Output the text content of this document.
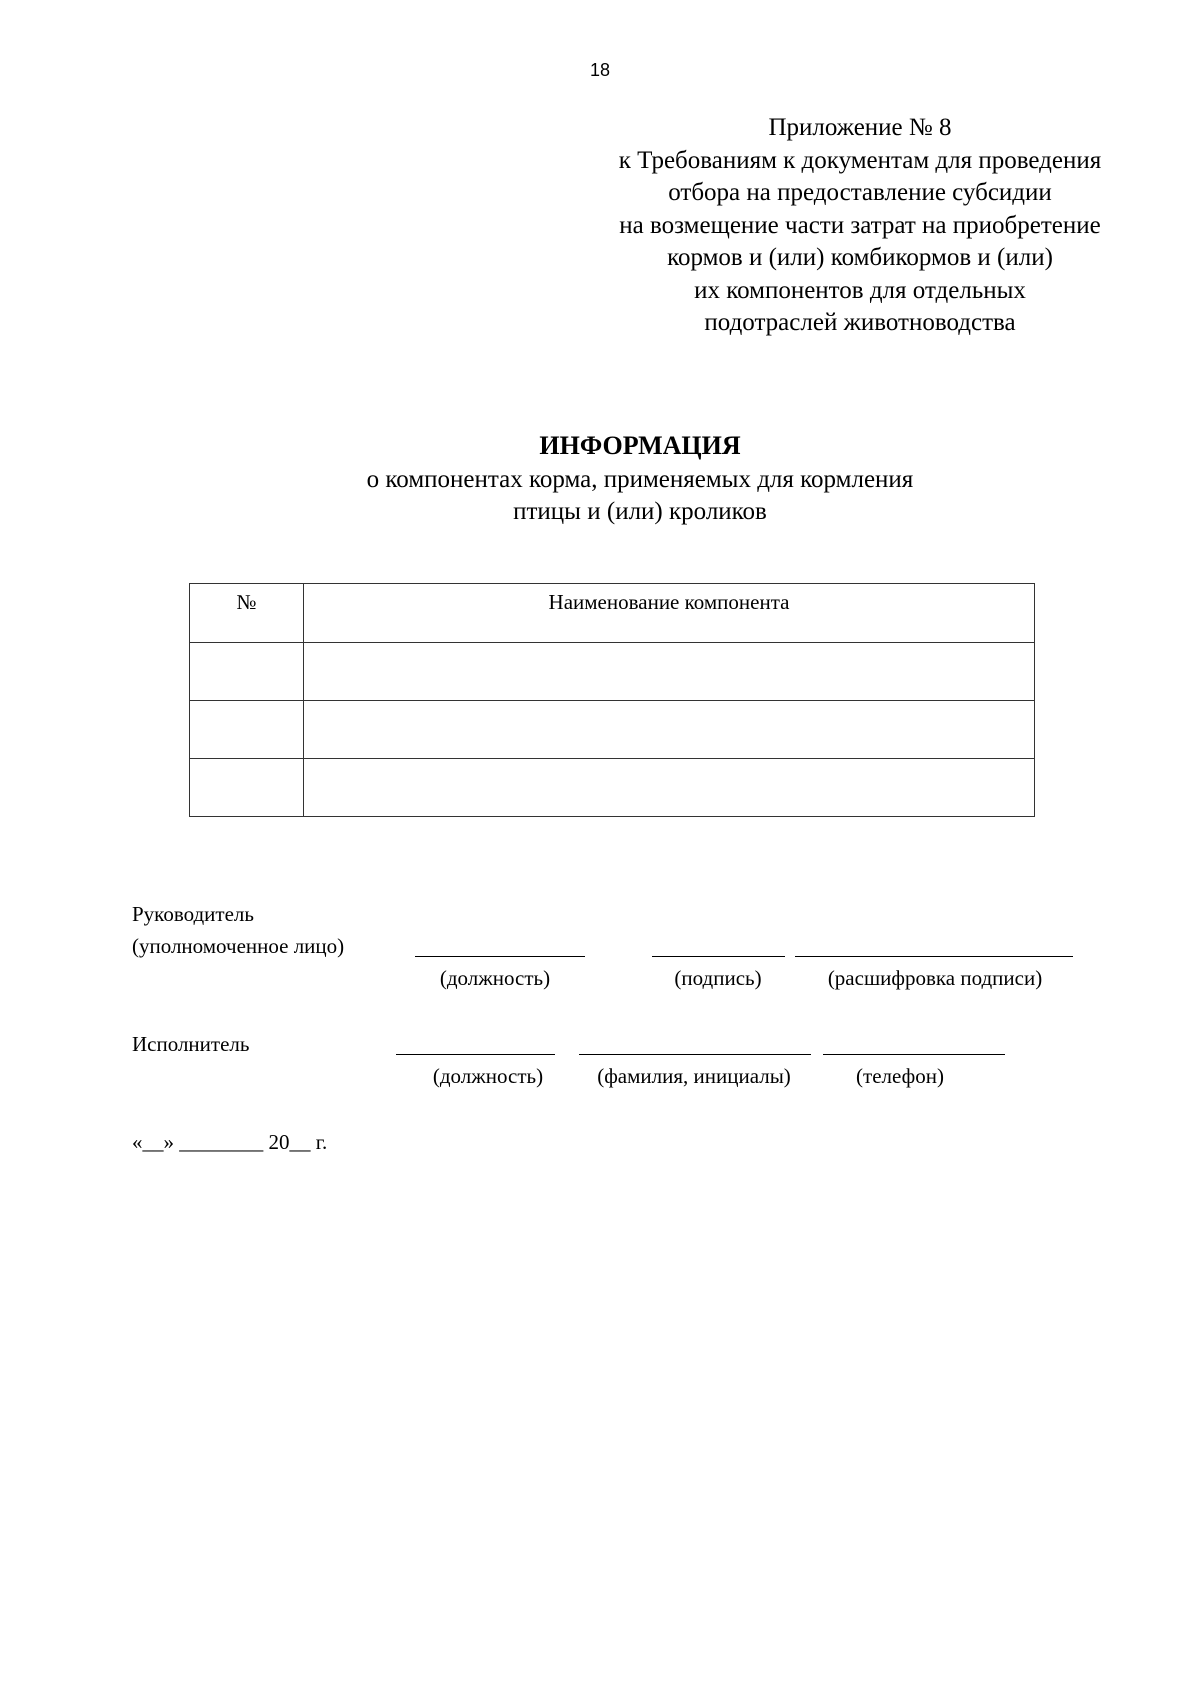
18
Приложение № 8
к Требованиям к документам для проведения
отбора на предоставление субсидии
на возмещение части затрат на приобретение
кормов и (или) комбикормов и (или)
их компонентов для отдельных
подотраслей животноводства
ИНФОРМАЦИЯ
о компонентах корма, применяемых для кормления
птицы и (или) кроликов
№	Наименование компонента

Руководитель
(уполномоченное лицо)
(должность)	(подпись)	(расшифровка подписи)
Исполнитель
(должность)	(фамилия, инициалы)	(телефон)
«__» ________ 20__ г.
